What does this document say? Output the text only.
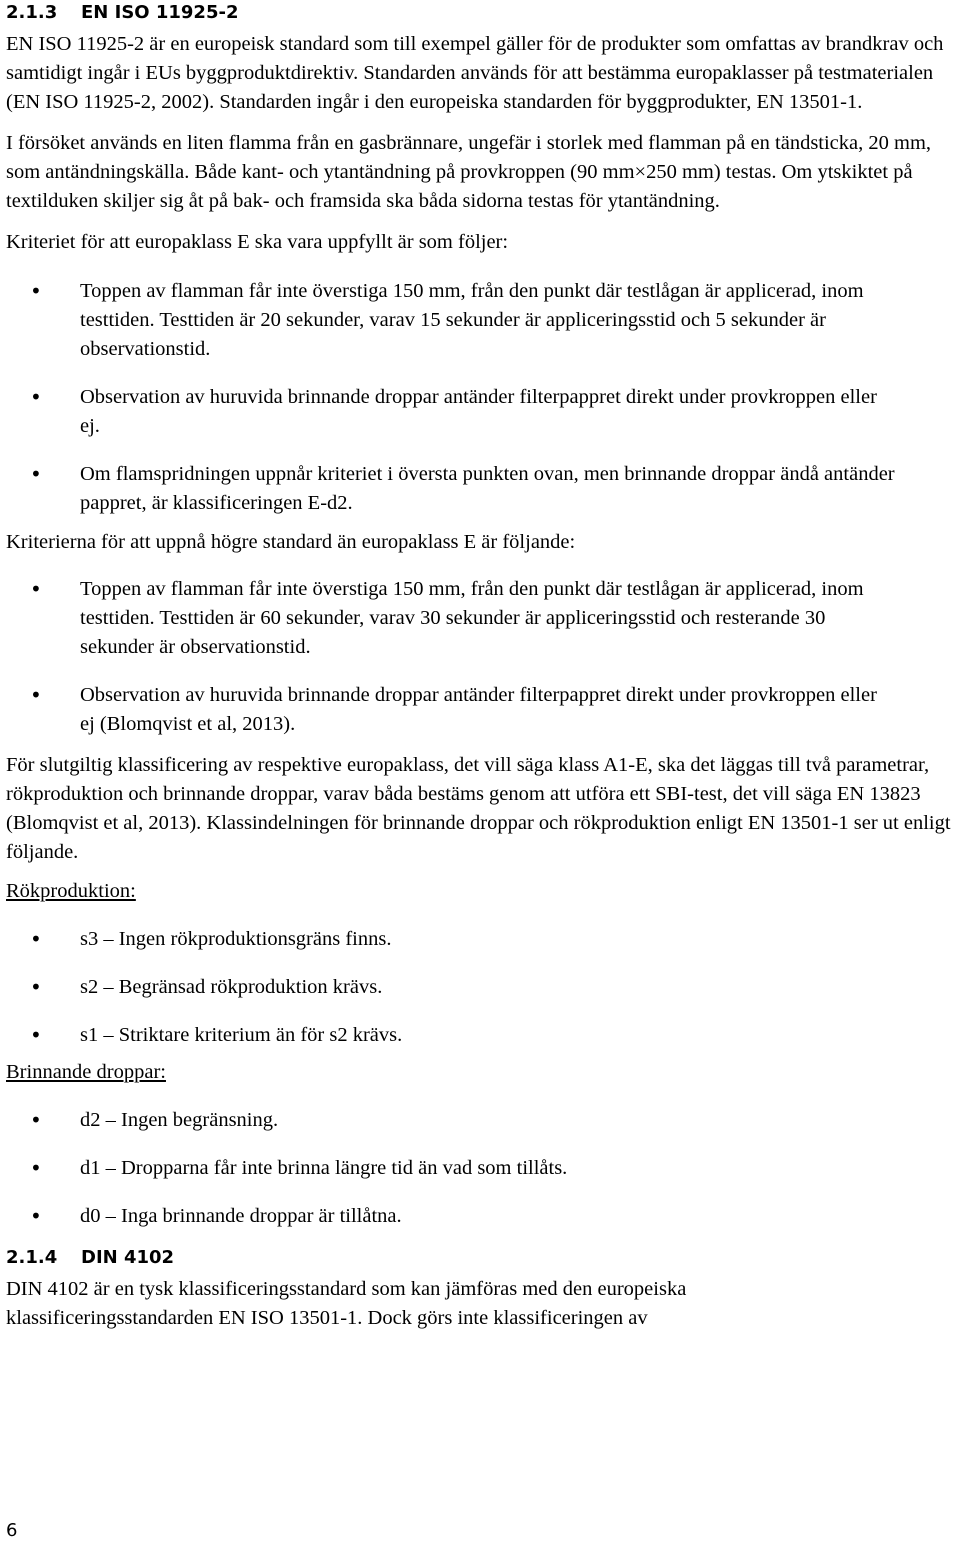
2.1.3 EN ISO 11925-2

EN ISO 11925-2 är en europeisk standard som till exempel gäller för de produkter som omfattas av brandkrav och samtidigt ingår i EUs byggproduktdirektiv. Standarden används för att bestämma europaklasser på testmaterialen (EN ISO 11925-2, 2002). Standarden ingår i den europeiska standarden för byggprodukter, EN 13501-1.

I försöket används en liten flamma från en gasbrännare, ungefär i storlek med flamman på en tändsticka, 20 mm, som antändningskälla. Både kant- och ytantändning på provkroppen (90 mm×250 mm) testas. Om ytskiktet på textilduken skiljer sig åt på bak- och framsida ska båda sidorna testas för ytantändning.

Kriteriet för att europaklass E ska vara uppfyllt är som följer:

• Toppen av flamman får inte överstiga 150 mm, från den punkt där testlågan är applicerad, inom testtiden. Testtiden är 20 sekunder, varav 15 sekunder är appliceringsstid och 5 sekunder är observationstid.
• Observation av huruvida brinnande droppar antänder filterpappret direkt under provkroppen eller ej.
• Om flamspridningen uppnår kriteriet i översta punkten ovan, men brinnande droppar ändå antänder pappret, är klassificeringen E-d2.

Kriterierna för att uppnå högre standard än europaklass E är följande:

• Toppen av flamman får inte överstiga 150 mm, från den punkt där testlågan är applicerad, inom testtiden. Testtiden är 60 sekunder, varav 30 sekunder är appliceringsstid och resterande 30 sekunder är observationstid.
• Observation av huruvida brinnande droppar antänder filterpappret direkt under provkroppen eller ej (Blomqvist et al, 2013).

För slutgiltig klassificering av respektive europaklass, det vill säga klass A1-E, ska det läggas till två parametrar, rökproduktion och brinnande droppar, varav båda bestäms genom att utföra ett SBI-test, det vill säga EN 13823 (Blomqvist et al, 2013). Klassindelningen för brinnande droppar och rökproduktion enligt EN 13501-1 ser ut enligt följande.

Rökproduktion:

• s3 – Ingen rökproduktionsgräns finns.
• s2 – Begränsad rökproduktion krävs.
• s1 – Striktare kriterium än för s2 krävs.

Brinnande droppar:

• d2 – Ingen begränsning.
• d1 – Dropparna får inte brinna längre tid än vad som tillåts.
• d0 – Inga brinnande droppar är tillåtna.
2.1.4 DIN 4102

DIN 4102 är en tysk klassificeringsstandard som kan jämföras med den europeiska klassificeringsstandarden EN ISO 13501-1. Dock görs inte klassificeringen av

6
